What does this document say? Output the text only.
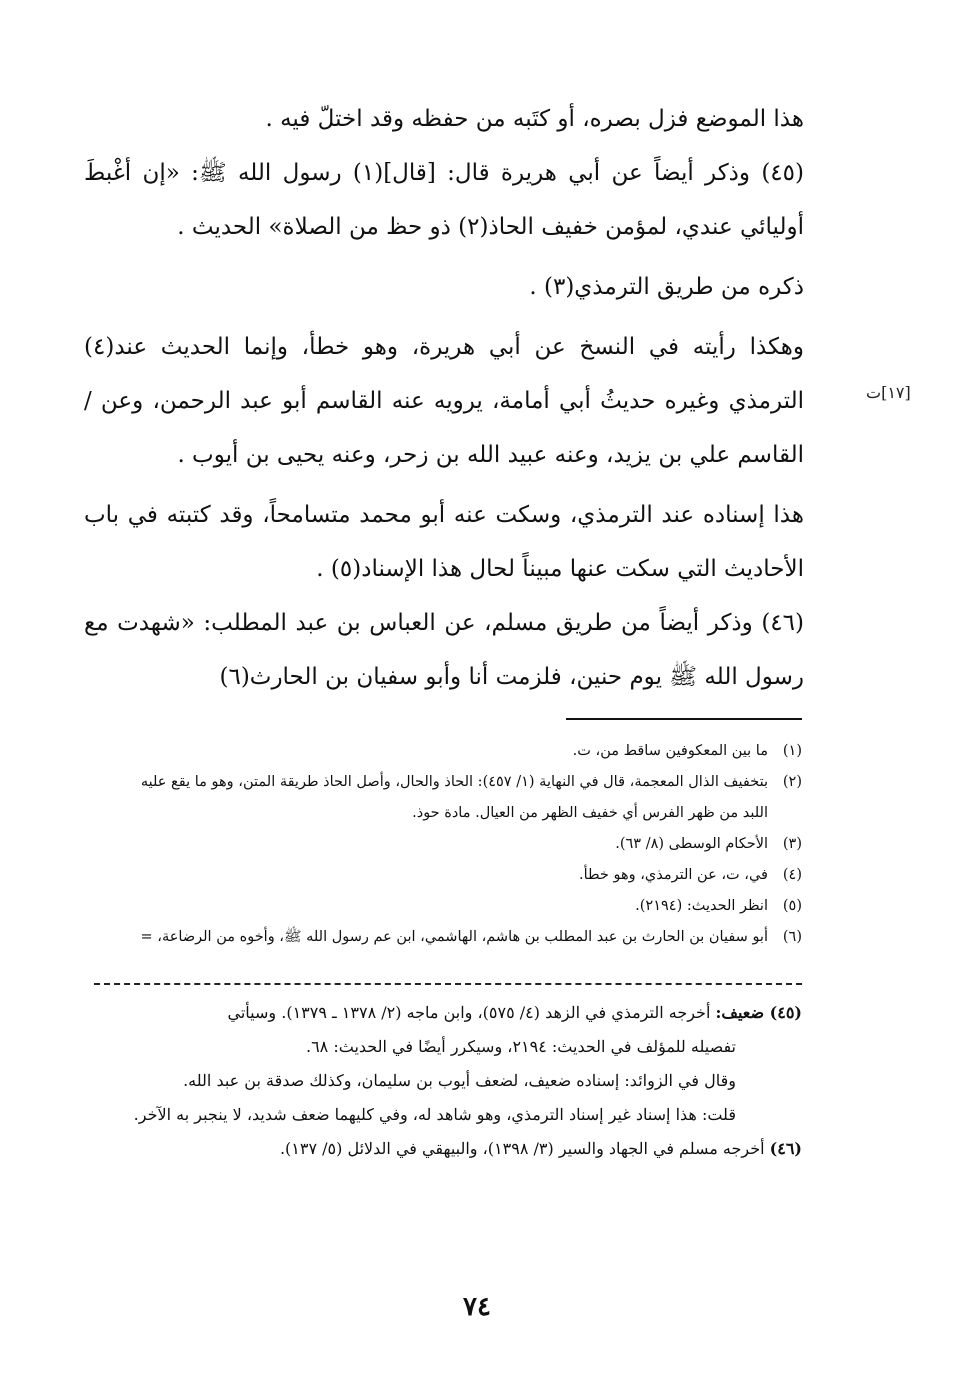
[١٧]ت

هذا الموضع فزل بصره، أو كتَبه من حفظه وقد اختلّ فيه .

(٤٥) وذكر أيضاً عن أبي هريرة قال: [قال](١) رسول الله ﷺ: «إن أغْبطَ أوليائي عندي، لمؤمن خفيف الحاذ(٢) ذو حظ من الصلاة» الحديث .

ذكره من طريق الترمذي(٣) .

وهكذا رأيته في النسخ عن أبي هريرة، وهو خطأ، وإنما الحديث عند(٤) الترمذي وغيره حديثُ أبي أمامة، يرويه عنه القاسم أبو عبد الرحمن، وعن / القاسم علي بن يزيد، وعنه عبيد الله بن زحر، وعنه يحيى بن أيوب .

هذا إسناده عند الترمذي، وسكت عنه أبو محمد متسامحاً، وقد كتبته في باب الأحاديث التي سكت عنها مبيناً لحال هذا الإسناد(٥) .

(٤٦) وذكر أيضاً من طريق مسلم، عن العباس بن عبد المطلب: «شهدت مع رسول الله ﷺ يوم حنين، فلزمت أنا وأبو سفيان بن الحارث(٦)

(١)ما بين المعكوفين ساقط من، ت.

(٢)بتخفيف الذال المعجمة، قال في النهاية (١/ ٤٥٧): الحاذ والحال، وأصل الحاذ طريقة المتن، وهو ما يقع عليه
اللبد من ظهر الفرس أي خفيف الظهر من العيال. مادة حوذ.

(٣)الأحكام الوسطى (٨/ ٦٣).

(٤)في، ت، عن الترمذي، وهو خطأ.

(٥)انظر الحديث: (٢١٩٤).

(٦)أبو سفيان بن الحارث بن عبد المطلب بن هاشم، الهاشمي، ابن عم رسول الله ﷺ، وأخوه من الرضاعة، =

(٤٥) ضعيف: أخرجه الترمذي في الزهد (٤/ ٥٧٥)، وابن ماجه (٢/ ١٣٧٨ ـ ١٣٧٩). وسيأتي
تفصيله للمؤلف في الحديث: ٢١٩٤، وسيكرر أيضًا في الحديث: ٦٨.
وقال في الزوائد: إسناده ضعيف، لضعف أيوب بن سليمان، وكذلك صدقة بن عبد الله.
قلت: هذا إسناد غير إسناد الترمذي، وهو شاهد له، وفي كليهما ضعف شديد، لا ينجبر به الآخر.

(٤٦) أخرجه مسلم في الجهاد والسير (٣/ ١٣٩٨)، والبيهقي في الدلائل (٥/ ١٣٧).

٧٤
